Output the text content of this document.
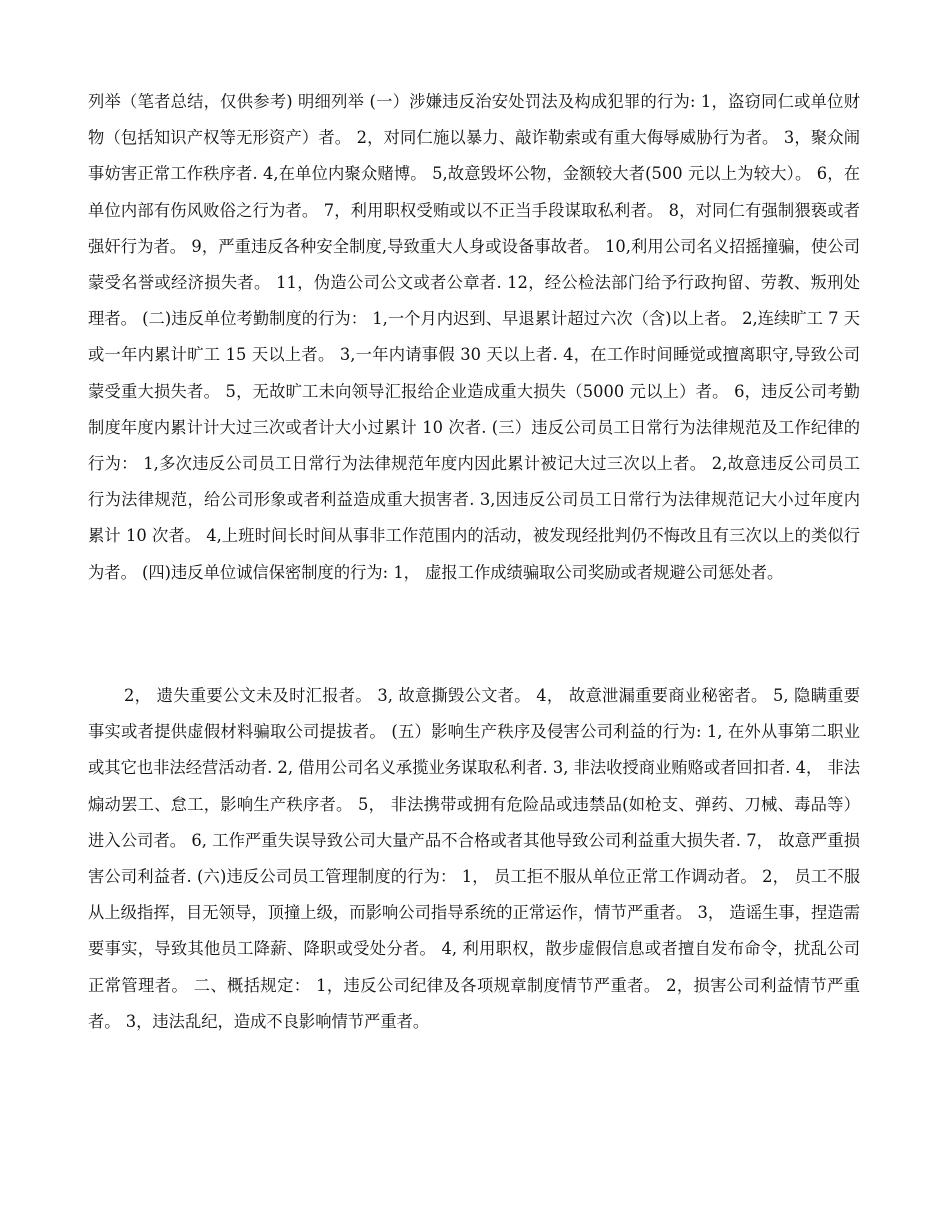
列举（笔者总结，仅供参考) 明细列举 (一）涉嫌违反治安处罚法及构成犯罪的行为: 1，盗窃同仁或单位财物（包括知识产权等无形资产）者。 2，对同仁施以暴力、敲诈勒索或有重大侮辱威胁行为者。 3，聚众闹事妨害正常工作秩序者. 4,在单位内聚众赌博。 5,故意毁坏公物，金额较大者(500 元以上为较大）。 6，在单位内部有伤风败俗之行为者。 7，利用职权受贿或以不正当手段谋取私利者。 8，对同仁有强制猥亵或者强奸行为者。 9，严重违反各种安全制度,导致重大人身或设备事故者。 10,利用公司名义招摇撞骗，使公司蒙受名誉或经济损失者。 11，伪造公司公文或者公章者. 12，经公检法部门给予行政拘留、劳教、叛刑处理者。 (二)违反单位考勤制度的行为： 1,一个月内迟到、早退累计超过六次（含)以上者。 2,连续旷工 7 天或一年内累计旷工 15 天以上者。 3,一年内请事假 30 天以上者. 4，在工作时间睡觉或擅离职守,导致公司蒙受重大损失者。 5，无故旷工未向领导汇报给企业造成重大损失（5000 元以上）者。 6，违反公司考勤制度年度内累计计大过三次或者计大小过累计 10 次者. (三）违反公司员工日常行为法律规范及工作纪律的行为： 1,多次违反公司员工日常行为法律规范年度内因此累计被记大过三次以上者。 2,故意违反公司员工行为法律规范，给公司形象或者利益造成重大损害者. 3,因违反公司员工日常行为法律规范记大小过年度内累计 10 次者。 4,上班时间长时间从事非工作范围内的活动，被发现经批判仍不悔改且有三次以上的类似行为者。 (四)违反单位诚信保密制度的行为: 1， 虚报工作成绩骗取公司奖励或者规避公司惩处者。

2， 遗失重要公文未及时汇报者。 3, 故意撕毁公文者。 4， 故意泄漏重要商业秘密者。 5, 隐瞒重要事实或者提供虚假材料骗取公司提拔者。 (五）影响生产秩序及侵害公司利益的行为: 1, 在外从事第二职业或其它也非法经营活动者. 2, 借用公司名义承揽业务谋取私利者. 3, 非法收授商业贿赂或者回扣者. 4， 非法煽动罢工、怠工，影响生产秩序者。 5， 非法携带或拥有危险品或违禁品(如枪支、弹药、刀械、毒品等）进入公司者。 6, 工作严重失误导致公司大量产品不合格或者其他导致公司利益重大损失者. 7， 故意严重损害公司利益者. (六)违反公司员工管理制度的行为： 1， 员工拒不服从单位正常工作调动者。 2， 员工不服从上级指挥，目无领导，顶撞上级，而影响公司指导系统的正常运作，情节严重者。 3， 造谣生事，捏造需要事实，导致其他员工降薪、降职或受处分者。 4, 利用职权，散步虚假信息或者擅自发布命令，扰乱公司正常管理者。 二、概括规定： 1，违反公司纪律及各项规章制度情节严重者。 2，损害公司利益情节严重者。 3，违法乱纪，造成不良影响情节严重者。
